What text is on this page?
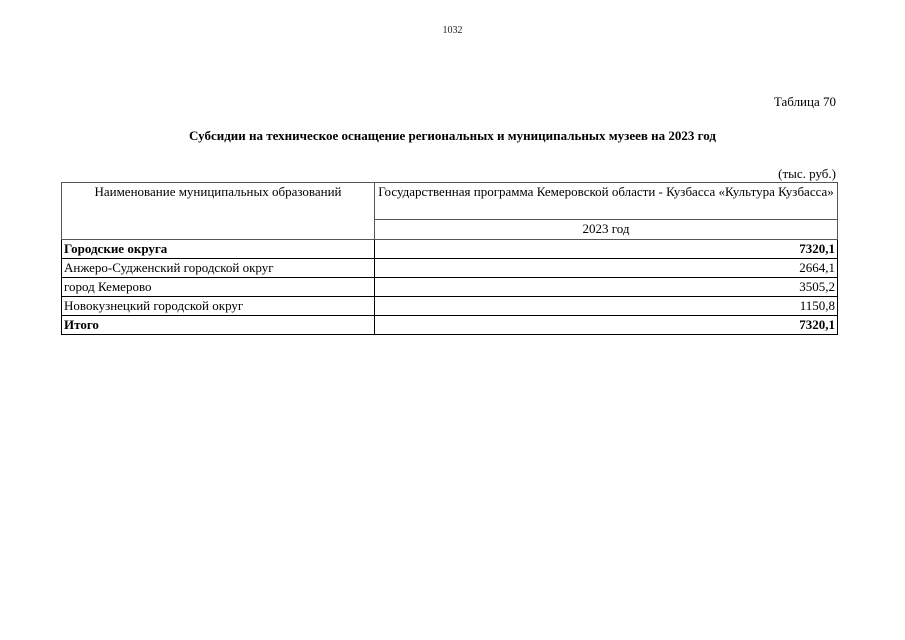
1032
Таблица 70
Субсидии на техническое оснащение региональных и муниципальных музеев на 2023 год
(тыс. руб.)
Наименование муниципальных образований	Государственная программа Кемеровской области - Кузбасса «Культура Кузбасса»
	2023 год
Городские округа	7320,1
Анжеро-Судженский городской округ	2664,1
город Кемерово	3505,2
Новокузнецкий городской округ	1150,8
Итого	7320,1
